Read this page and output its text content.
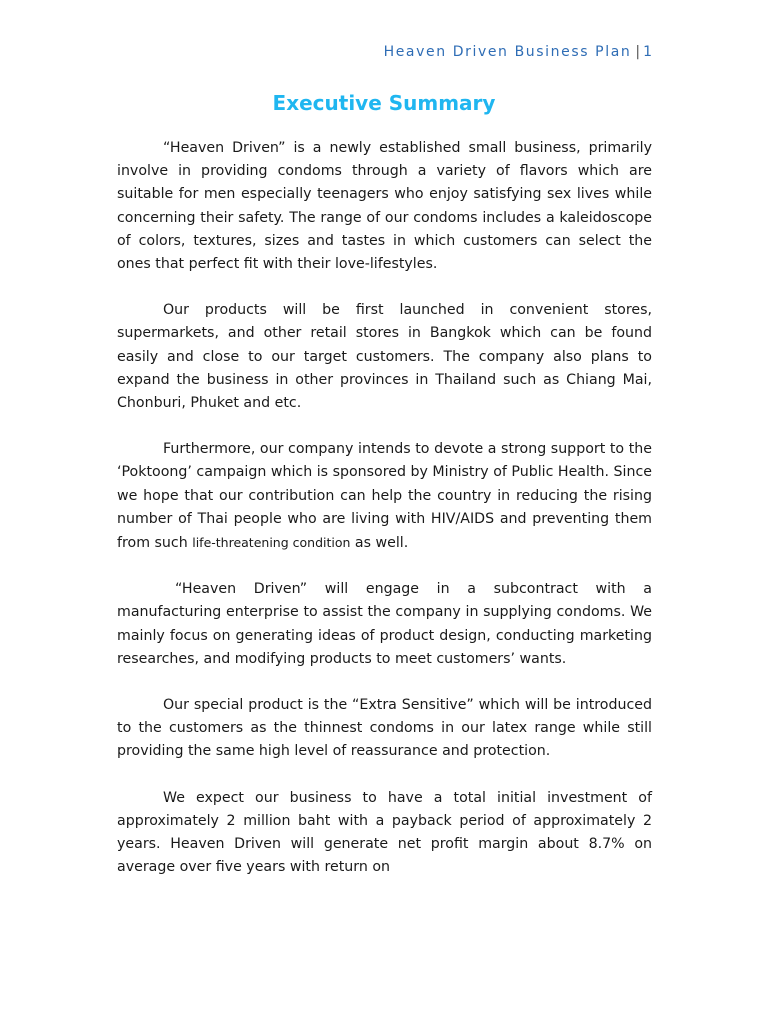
Heaven Driven Business Plan | 1
Executive Summary

“Heaven Driven” is a newly established small business, primarily involve in providing condoms through a variety of flavors which are suitable for men especially teenagers who enjoy satisfying sex lives while concerning their safety. The range of our condoms includes a kaleidoscope of colors, textures, sizes and tastes in which customers can select the ones that perfect fit with their love-lifestyles.

Our products will be first launched in convenient stores, supermarkets, and other retail stores in Bangkok which can be found easily and close to our target customers. The company also plans to expand the business in other provinces in Thailand such as Chiang Mai, Chonburi, Phuket and etc.

Furthermore, our company intends to devote a strong support to the ‘Poktoong’ campaign which is sponsored by Ministry of Public Health. Since we hope that our contribution can help the country in reducing the rising number of Thai people who are living with HIV/AIDS and preventing them from such life-threatening condition as well.

“Heaven Driven” will engage in a subcontract with a manufacturing enterprise to assist the company in supplying condoms. We mainly focus on generating ideas of product design, conducting marketing researches, and modifying products to meet customers’ wants.

Our special product is the “Extra Sensitive” which will be introduced to the customers as the thinnest condoms in our latex range while still providing the same high level of reassurance and protection.

We expect our business to have a total initial investment of approximately 2 million baht with a payback period of approximately 2 years. Heaven Driven will generate net profit margin about 8.7% on average over five years with return on
